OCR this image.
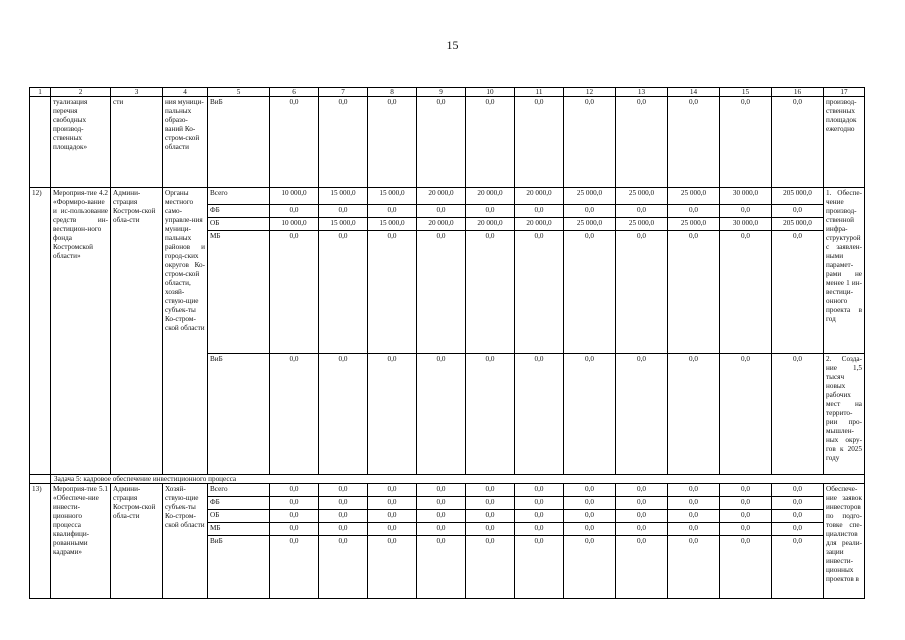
15
1	2	3	4	5	6	7	8	9	10	11	12	13	14	15	16	17
	туализация перечня свободных производ-ственных площадок»	сти	ния муници-пальных образо-ваний Ко-стром-ской области	ВиБ	0,0	0,0	0,0	0,0	0,0	0,0	0,0	0,0	0,0	0,0	0,0	производ-ственных площадок ежегодно
12)	Мероприя-тие 4.2 «Формиро-вание и ис-пользование средств ин-вестицион-ного фонда Костромской области»	Админи-страция Костром-ской обла-сти	Органы местного само-управле-ния муници-пальных районов и город-ских округов Ко-стром-ской области, хозяй-ствую-щие субъек-ты Ко-стром-ской области	Всего	10 000,0	15 000,0	15 000,0	20 000,0	20 000,0	20 000,0	25 000,0	25 000,0	25 000,0	30 000,0	205 000,0	1. Обеспе-чение производ-ственной инфра-структурой с заявлен-ными парамет-рами не менее 1 ин-вестици-онного проекта в год
				ФБ	0,0	0,0	0,0	0,0	0,0	0,0	0,0	0,0	0,0	0,0	0,0	
				ОБ	10 000,0	15 000,0	15 000,0	20 000,0	20 000,0	20 000,0	25 000,0	25 000,0	25 000,0	30 000,0	205 000,0	
				МБ	0,0	0,0	0,0	0,0	0,0	0,0	0,0	0,0	0,0	0,0	0,0	
				ВиБ	0,0	0,0	0,0	0,0	0,0	0,0	0,0	0,0	0,0	0,0	0,0	2. Созда-ние 1,5 тысяч новых рабочих мест на террито-рии про-мышлен-ных окру-гов к 2025 году
	Задача 5: кадровое обеспечение инвестиционного процесса															
13)	Мероприя-тие 5.1 «Обеспече-ние инвести-ционного процесса квалифици-рованными кадрами»	Админи-страция Костром-ской обла-сти	Хозяй-ствую-щие субъек-ты Ко-стром-ской области	Всего	0,0	0,0	0,0	0,0	0,0	0,0	0,0	0,0	0,0	0,0	0,0	Обеспече-ние заявок инвесторов по подго-товке спе-циалистов для реали-зации инвести-ционных проектов в
				ФБ	0,0	0,0	0,0	0,0	0,0	0,0	0,0	0,0	0,0	0,0	0,0	
				ОБ	0,0	0,0	0,0	0,0	0,0	0,0	0,0	0,0	0,0	0,0	0,0	
				МБ	0,0	0,0	0,0	0,0	0,0	0,0	0,0	0,0	0,0	0,0	0,0	
				ВиБ	0,0	0,0	0,0	0,0	0,0	0,0	0,0	0,0	0,0	0,0	0,0	
